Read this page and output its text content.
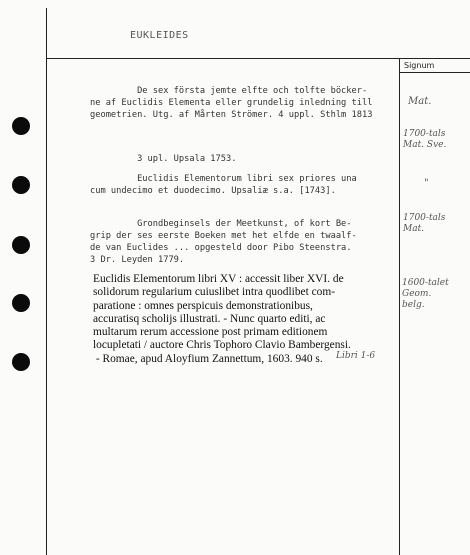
EUKLEIDES
Signum
De sex första jemte elfte och tolfte böcker-
ne af Euclidis Elementa eller grundelig inledning till
geometrien. Utg. af Mårten Strömer. 4 uppl. Sthlm 1813
3 upl. Upsala 1753.
Euclidis Elementorum libri sex priores una
cum undecimo et duodecimo. Upsaliæ s.a. [1743].
Grondbeginsels der Meetkunst, of kort Be-
grip der ses eerste Boeken met het elfde en twaalf-
de van Euclides ... opgesteld door Pibo Steenstra.
3 Dr. Leyden 1779.
Euclidis Elementorum libri XV : accessit liber XVI. de
solidorum regularium cuiuslibet intra quodlibet com-
paratione : omnes perspicuis demonstrationibus,
accuratisq scholijs illustrati. - Nunc quarto editi, ac
multarum rerum accessione post primam editionem
locupletati / auctore Chris Tophoro Clavio Bambergensi.
- Romae, apud Aloyfium Zannettum, 1603. 940 s.
Mat.
1700-tals
Mat. Sve.
"
1700-tals
Mat.
1600-talet
Geom.
belg.
Libri 1-6
